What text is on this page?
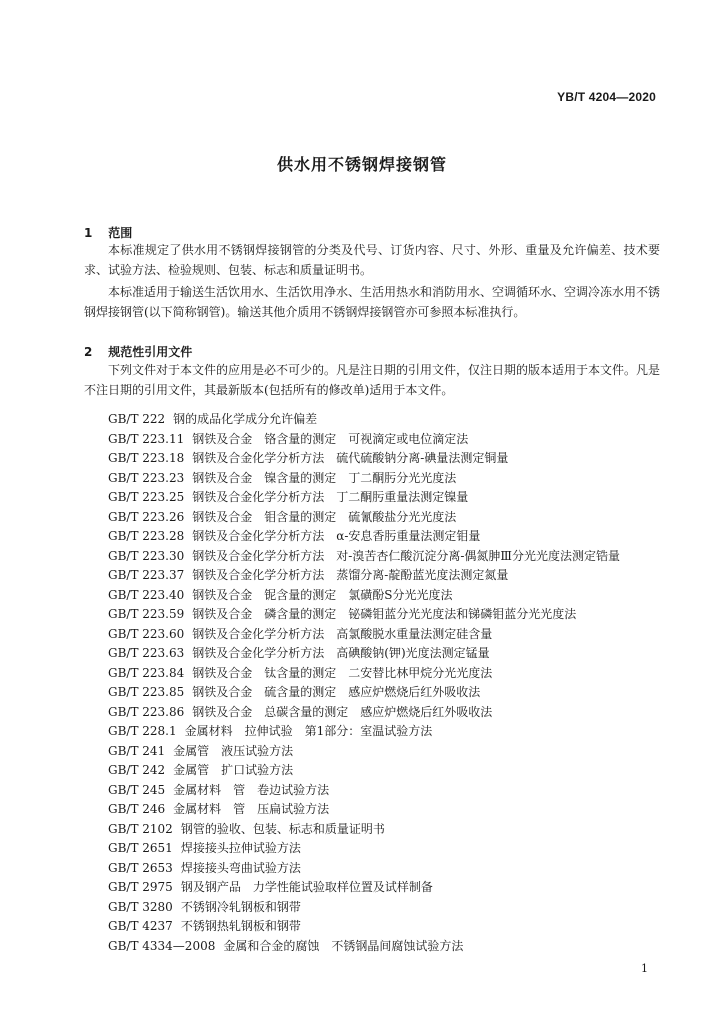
YB/T 4204—2020
供水用不锈钢焊接钢管
1 范围

本标准规定了供水用不锈钢焊接钢管的分类及代号、订货内容、尺寸、外形、重量及允许偏差、技术要求、试验方法、检验规则、包装、标志和质量证明书。

本标准适用于输送生活饮用水、生活饮用净水、生活用热水和消防用水、空调循环水、空调冷冻水用不锈钢焊接钢管(以下简称钢管)。输送其他介质用不锈钢焊接钢管亦可参照本标准执行。

2 规范性引用文件

下列文件对于本文件的应用是必不可少的。凡是注日期的引用文件，仅注日期的版本适用于本文件。凡是不注日期的引用文件，其最新版本(包括所有的修改单)适用于本文件。

GB/T 222 钢的成品化学成分允许偏差
GB/T 223.11 钢铁及合金　铬含量的测定　可视滴定或电位滴定法
GB/T 223.18 钢铁及合金化学分析方法　硫代硫酸钠分离-碘量法测定铜量
GB/T 223.23 钢铁及合金　镍含量的测定　丁二酮肟分光光度法
GB/T 223.25 钢铁及合金化学分析方法　丁二酮肟重量法测定镍量
GB/T 223.26 钢铁及合金　钼含量的测定　硫氰酸盐分光光度法
GB/T 223.28 钢铁及合金化学分析方法　α-安息香肟重量法测定钼量
GB/T 223.30 钢铁及合金化学分析方法　对-溴苦杏仁酸沉淀分离-偶氮胂Ⅲ分光光度法测定锆量
GB/T 223.37 钢铁及合金化学分析方法　蒸馏分离-靛酚蓝光度法测定氮量
GB/T 223.40 钢铁及合金　铌含量的测定　氯磺酚S分光光度法
GB/T 223.59 钢铁及合金　磷含量的测定　铋磷钼蓝分光光度法和锑磷钼蓝分光光度法
GB/T 223.60 钢铁及合金化学分析方法　高氯酸脱水重量法测定硅含量
GB/T 223.63 钢铁及合金化学分析方法　高碘酸钠(钾)光度法测定锰量
GB/T 223.84 钢铁及合金　钛含量的测定　二安替比林甲烷分光光度法
GB/T 223.85 钢铁及合金　硫含量的测定　感应炉燃烧后红外吸收法
GB/T 223.86 钢铁及合金　总碳含量的测定　感应炉燃烧后红外吸收法
GB/T 228.1 金属材料　拉伸试验　第1部分：室温试验方法
GB/T 241 金属管　液压试验方法
GB/T 242 金属管　扩口试验方法
GB/T 245 金属材料　管　卷边试验方法
GB/T 246 金属材料　管　压扁试验方法
GB/T 2102 钢管的验收、包装、标志和质量证明书
GB/T 2651 焊接接头拉伸试验方法
GB/T 2653 焊接接头弯曲试验方法
GB/T 2975 钢及钢产品　力学性能试验取样位置及试样制备
GB/T 3280 不锈钢冷轧钢板和钢带
GB/T 4237 不锈钢热轧钢板和钢带
GB/T 4334—2008 金属和合金的腐蚀　不锈钢晶间腐蚀试验方法
1
